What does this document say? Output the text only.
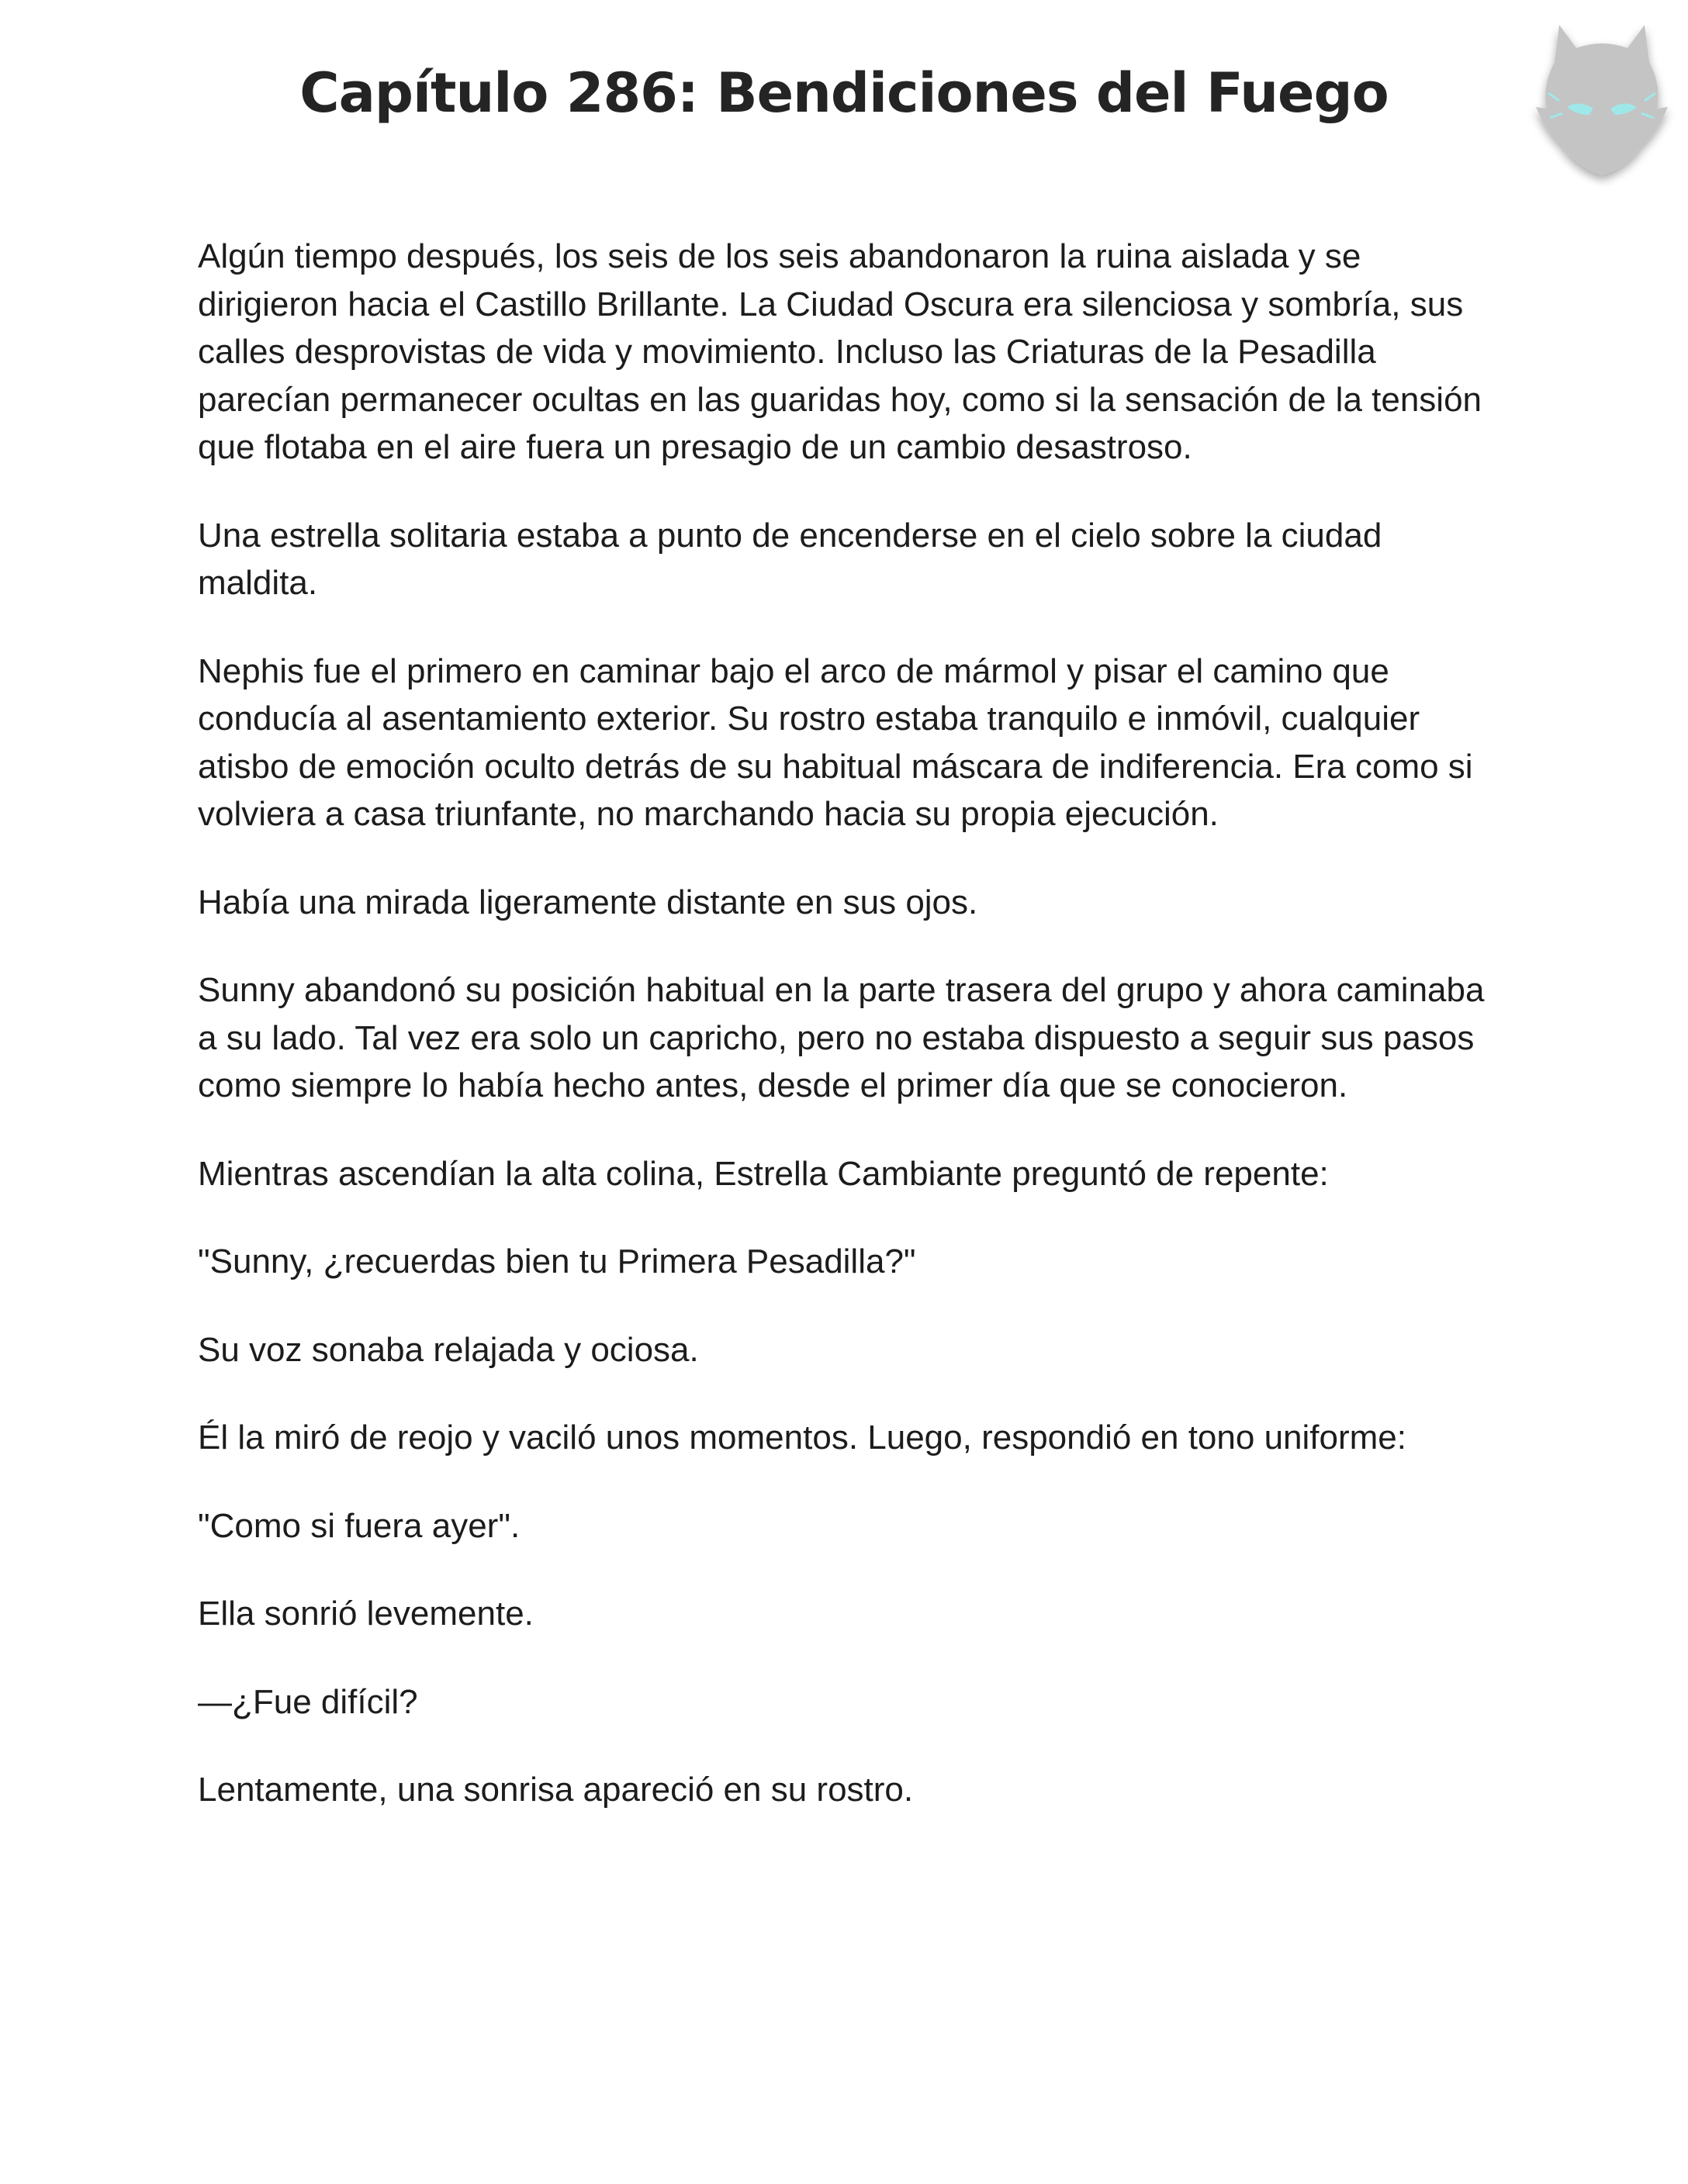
Capítulo 286: Bendiciones del Fuego

Algún tiempo después, los seis de los seis abandonaron la ruina aislada y se dirigieron hacia el Castillo Brillante. La Ciudad Oscura era silenciosa y sombría, sus calles desprovistas de vida y movimiento. Incluso las Criaturas de la Pesadilla parecían permanecer ocultas en las guaridas hoy, como si la sensación de la tensión que flotaba en el aire fuera un presagio de un cambio desastroso.

Una estrella solitaria estaba a punto de encenderse en el cielo sobre la ciudad maldita.

Nephis fue el primero en caminar bajo el arco de mármol y pisar el camino que conducía al asentamiento exterior. Su rostro estaba tranquilo e inmóvil, cualquier atisbo de emoción oculto detrás de su habitual máscara de indiferencia. Era como si volviera a casa triunfante, no marchando hacia su propia ejecución.

Había una mirada ligeramente distante en sus ojos.

Sunny abandonó su posición habitual en la parte trasera del grupo y ahora caminaba a su lado. Tal vez era solo un capricho, pero no estaba dispuesto a seguir sus pasos como siempre lo había hecho antes, desde el primer día que se conocieron.

Mientras ascendían la alta colina, Estrella Cambiante preguntó de repente:

"Sunny, ¿recuerdas bien tu Primera Pesadilla?"

Su voz sonaba relajada y ociosa.

Él la miró de reojo y vaciló unos momentos. Luego, respondió en tono uniforme:

"Como si fuera ayer".

Ella sonrió levemente.

—¿Fue difícil?

Lentamente, una sonrisa apareció en su rostro.
